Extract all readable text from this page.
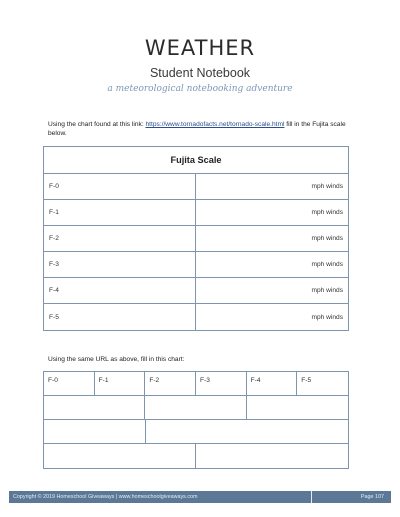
WEATHER
Student Notebook
a meteorological notebooking adventure
Using the chart found at this link: https://www.tornadofacts.net/tornado-scale.html fill in the Fujita scale below.
Fujita Scale
F-0	mph winds
F-1	mph winds
F-2	mph winds
F-3	mph winds
F-4	mph winds
F-5	mph winds
Using the same URL as above, fill in this chart:
F-0	F-1	F-2	F-3	F-4	F-5
Copyright © 2019 Homeschool Giveaways | www.homeschoolgiveaways.com	Page 107
